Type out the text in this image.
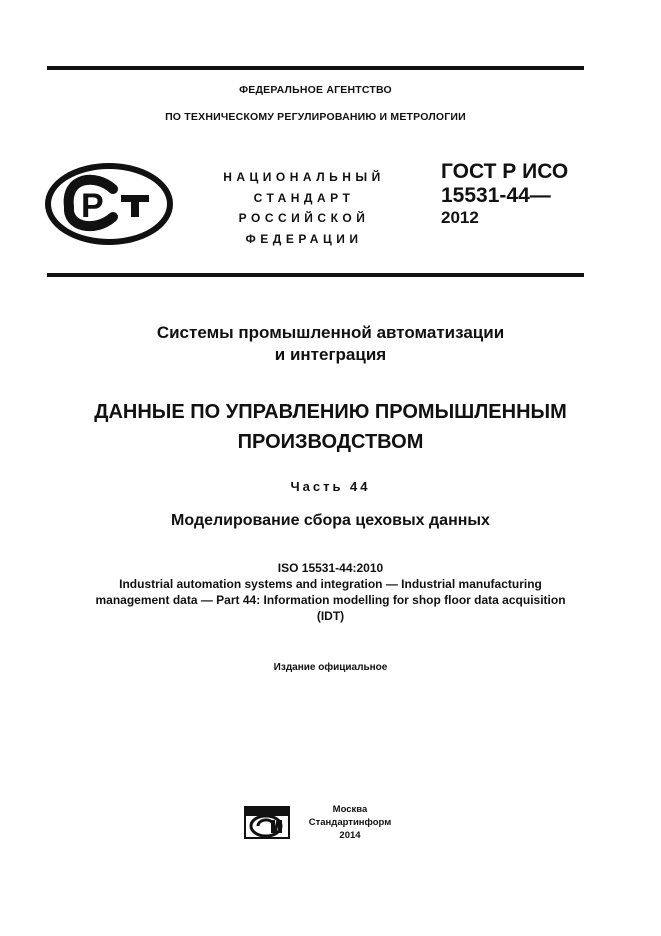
ФЕДЕРАЛЬНОЕ АГЕНТСТВО
ПО ТЕХНИЧЕСКОМУ РЕГУЛИРОВАНИЮ И МЕТРОЛОГИИ
Р
НАЦИОНАЛЬНЫЙ
СТАНДАРТ
РОССИЙСКОЙ
ФЕДЕРАЦИИ
ГОСТ Р ИСО
15531-44—
2012
Системы промышленной автоматизации
и интеграция
ДАННЫЕ ПО УПРАВЛЕНИЮ ПРОМЫШЛЕННЫМ
ПРОИЗВОДСТВОМ
Часть 44
Моделирование сбора цеховых данных
ISO 15531-44:2010
Industrial automation systems and integration — Industrial manufacturing
management data — Part 44: Information modelling for shop floor data acquisition
(IDT)
Издание официальное
Москва
Стандартинформ
2014
